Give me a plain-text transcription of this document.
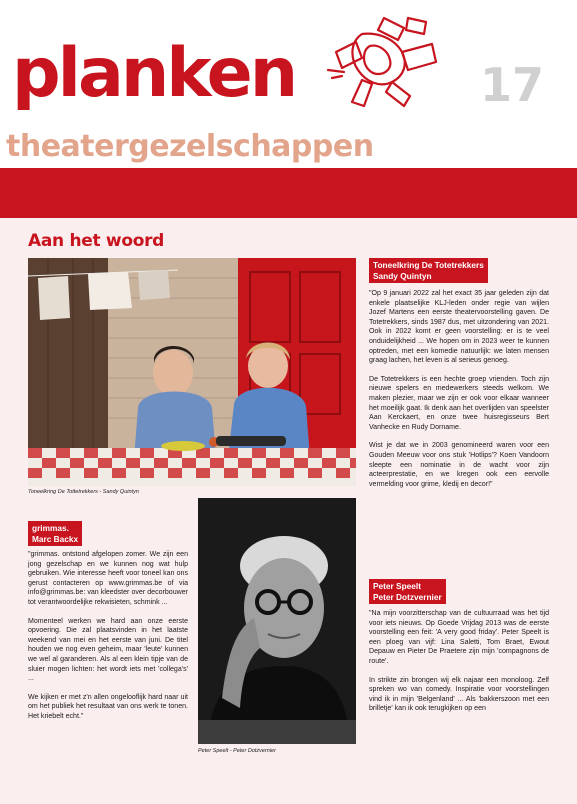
planken	17
theatergezelschappen
Aan het woord
Toneelkring De Tottetrekkers - Sandy Quintyn
Peter Speelt - Peter Dotzvernier
Toneelkring De Totetrekkers
Sandy Quintyn

"Op 9 januari 2022 zal het exact 35 jaar geleden zijn dat enkele plaatselijke KLJ-leden onder regie van wijlen Jozef Martens een eerste theatervoorstelling gaven. De Totetrekkers, sinds 1987 dus, met uitzondering van 2021. Ook in 2022 komt er geen voorstelling: er is te veel onduidelijkheid ... We hopen om in 2023 weer te kunnen optreden, met een komedie natuurlijk: we laten mensen graag lachen, het leven is al serieus genoeg.

De Totetrekkers is een hechte groep vrienden. Toch zijn nieuwe spelers en medewerkers steeds welkom. We maken plezier, maar we zijn er ook voor elkaar wanneer het moeilijk gaat. Ik denk aan het overlijden van speelster Aan Kerckaert, en onze twee huisregisseurs Bert Vanhecke en Rudy Dorname.

Wist je dat we in 2003 genomineerd waren voor een Gouden Meeuw voor ons stuk 'Hotlips'? Koen Vandoorn sleepte een nominatie in de wacht voor zijn acteerprestatie, en we kregen ook een eervolle vermelding voor grime, kledij en decor!"

grimmas.
Marc Backx

"grimmas. ontstond afgelopen zomer. We zijn een jong gezelschap en we kunnen nog wat hulp gebruiken. Wie interesse heeft voor toneel kan ons gerust contacteren op www.grimmas.be of via info@grimmas.be: van kleedster over decorbouwer tot verantwoordelijke rekwisieten, schmink ...

Momenteel werken we hard aan onze eerste opvoering. Die zal plaatsvinden in het laatste weekend van mei en het eerste van juni. De titel houden we nog even geheim, maar 'leute' kunnen we wel al garanderen. Als al een klein tipje van de sluier mogen lichten: het wordt iets met 'collega's' ...

We kijken er met z'n allen ongelooflijk hard naar uit om het publiek het resultaat van ons werk te tonen. Het kriebelt echt."

Peter Speelt
Peter Dotzvernier

"Na mijn voorzitterschap van de cultuurraad was het tijd voor iets nieuws. Op Goede Vrijdag 2013 was de eerste voorstelling een feit: 'A very good friday'. Peter Speelt is een ploeg van vijf: Lina Saletti, Tom Braet, Ewout Depauw en Pieter De Praetere zijn mijn 'compagnons de route'.

In strikte zin brongen wij elk najaar een monoloog. Zelf spreken wo van comedy. Inspiratie voor voorstellingen vind ik in mijn 'Belgenland' ... Als 'bakkerszoon met een brilletje' kan ik ook terugkijken op een
